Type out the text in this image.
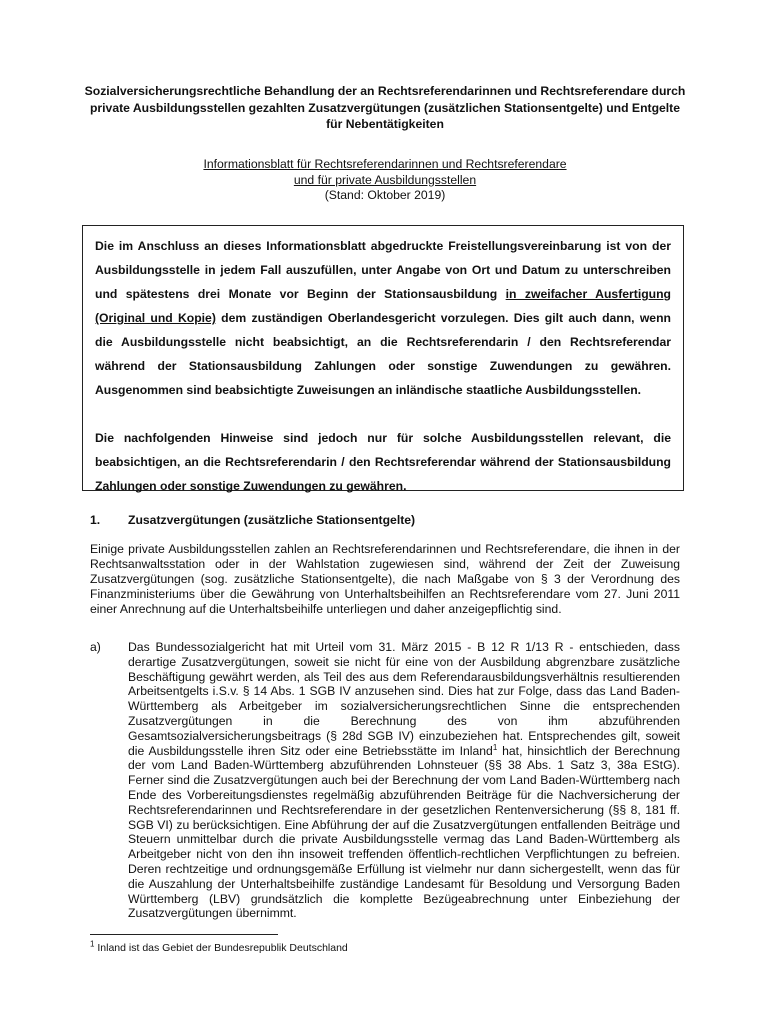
Sozialversicherungsrechtliche Behandlung der an Rechtsreferendarinnen und Rechtsreferendare durch private Ausbildungsstellen gezahlten Zusatzvergütungen (zusätzlichen Stationsentgelte) und Entgelte für Nebentätigkeiten
Informationsblatt für Rechtsreferendarinnen und Rechtsreferendare
und für private Ausbildungsstellen
(Stand: Oktober 2019)

Die im Anschluss an dieses Informationsblatt abgedruckte Freistellungsvereinbarung ist von der Ausbildungsstelle in jedem Fall auszufüllen, unter Angabe von Ort und Datum zu unterschreiben und spätestens drei Monate vor Beginn der Stationsausbildung in zweifacher Ausfertigung (Original und Kopie) dem zuständigen Oberlandesgericht vorzulegen. Dies gilt auch dann, wenn die Ausbildungsstelle nicht beabsichtigt, an die Rechtsreferendarin / den Rechtsreferendar während der Stationsausbildung Zahlungen oder sonstige Zuwendungen zu gewähren. Ausgenommen sind beabsichtigte Zuweisungen an inländische staatliche Ausbildungsstellen.

Die nachfolgenden Hinweise sind jedoch nur für solche Ausbildungsstellen relevant, die beabsichtigen, an die Rechtsreferendarin / den Rechtsreferendar während der Stationsausbildung Zahlungen oder sonstige Zuwendungen zu gewähren.

1. Zusatzvergütungen (zusätzliche Stationsentgelte)
Einige private Ausbildungsstellen zahlen an Rechtsreferendarinnen und Rechtsreferendare, die ihnen in der Rechtsanwaltsstation oder in der Wahlstation zugewiesen sind, während der Zeit der Zuweisung Zusatzvergütungen (sog. zusätzliche Stationsentgelte), die nach Maßgabe von § 3 der Verordnung des Finanzministeriums über die Gewährung von Unterhaltsbeihilfen an Rechtsreferendare vom 27. Juni 2011 einer Anrechnung auf die Unterhaltsbeihilfe unterliegen und daher anzeigepflichtig sind.
a) Das Bundessozialgericht hat mit Urteil vom 31. März 2015 - B 12 R 1/13 R - entschieden, dass derartige Zusatzvergütungen, soweit sie nicht für eine von der Ausbildung abgrenzbare zusätzliche Beschäftigung gewährt werden, als Teil des aus dem Referendarausbildungsverhältnis resultierenden Arbeitsentgelts i.S.v. § 14 Abs. 1 SGB IV anzusehen sind. Dies hat zur Folge, dass das Land Baden-Württemberg als Arbeitgeber im sozialversicherungsrechtlichen Sinne die entsprechenden Zusatzvergütungen in die Berechnung des von ihm abzuführenden Gesamtsozialversicherungsbeitrags (§ 28d SGB IV) einzubeziehen hat. Entsprechendes gilt, soweit die Ausbildungsstelle ihren Sitz oder eine Betriebsstätte im Inland$^1$ hat, hinsichtlich der Berechnung der vom Land Baden-Württemberg abzuführenden Lohnsteuer (§§ 38 Abs. 1 Satz 3, 38a EStG). Ferner sind die Zusatzvergütungen auch bei der Berechnung der vom Land Baden-Württemberg nach Ende des Vorbereitungsdienstes regelmäßig abzuführenden Beiträge für die Nachversicherung der Rechtsreferendarinnen und Rechtsreferendare in der gesetzlichen Rentenversicherung (§§ 8, 181 ff. SGB VI) zu berücksichtigen. Eine Abführung der auf die Zusatzvergütungen entfallenden Beiträge und Steuern unmittelbar durch die private Ausbildungsstelle vermag das Land Baden-Württemberg als Arbeitgeber nicht von den ihn insoweit treffenden öffentlich-rechtlichen Verpflichtungen zu befreien. Deren rechtzeitige und ordnungsgemäße Erfüllung ist vielmehr nur dann sichergestellt, wenn das für die Auszahlung der Unterhaltsbeihilfe zuständige Landesamt für Besoldung und Versorgung Baden Württemberg (LBV) grundsätzlich die komplette Bezügeabrechnung unter Einbeziehung der Zusatzvergütungen übernimmt.
$^1$ Inland ist das Gebiet der Bundesrepublik Deutschland
